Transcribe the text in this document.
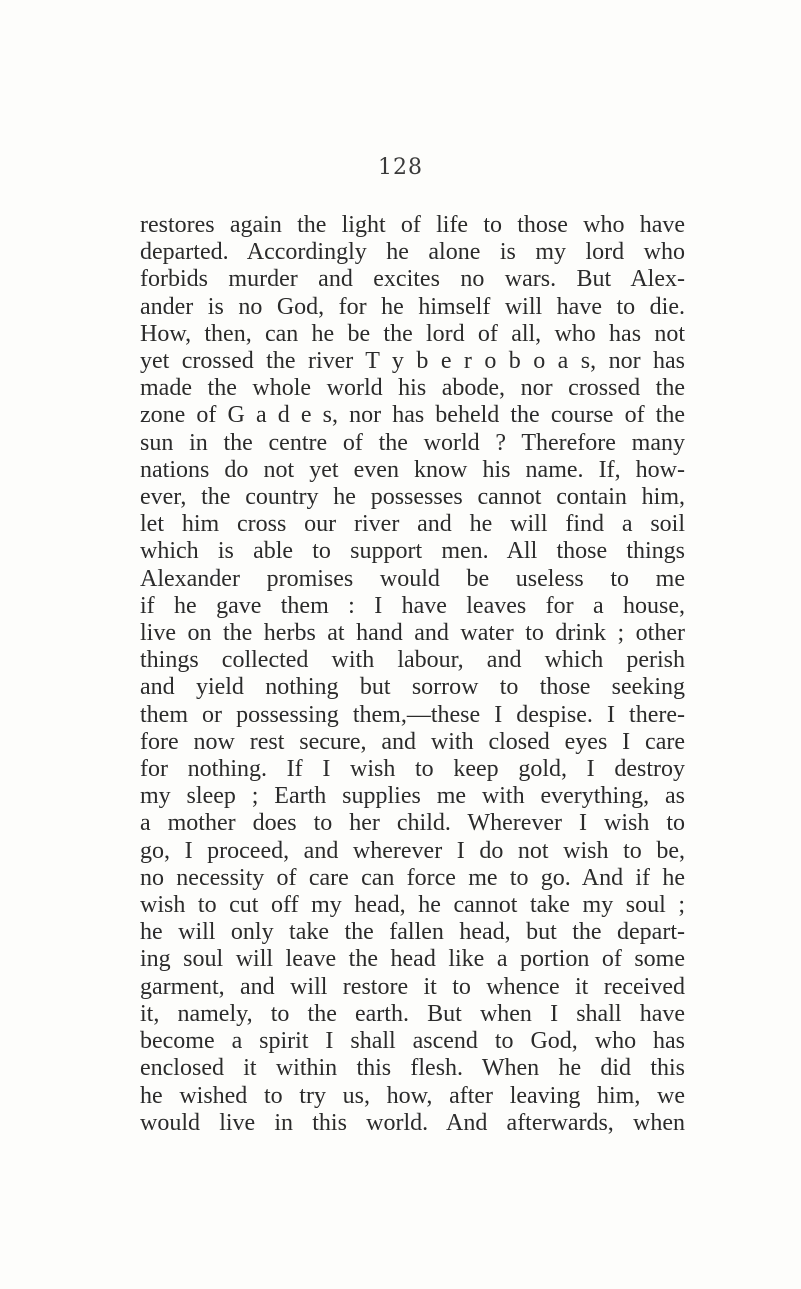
128
restores again the light of life to those who have
departed. Accordingly he alone is my lord who
forbids murder and excites no wars. But Alex-
ander is no God, for he himself will have to die.
How, then, can he be the lord of all, who has not
yet crossed the river T y b e r o b o a s, nor has
made the whole world his abode, nor crossed the
zone of G a d e s, nor has beheld the course of the
sun in the centre of the world ? Therefore many
nations do not yet even know his name. If, how-
ever, the country he possesses cannot contain him,
let him cross our river and he will find a soil
which is able to support men. All those things
Alexander promises would be useless to me
if he gave them : I have leaves for a house,
live on the herbs at hand and water to drink ; other
things collected with labour, and which perish
and yield nothing but sorrow to those seeking
them or possessing them,—these I despise. I there-
fore now rest secure, and with closed eyes I care
for nothing. If I wish to keep gold, I destroy
my sleep ; Earth supplies me with everything, as
a mother does to her child. Wherever I wish to
go, I proceed, and wherever I do not wish to be,
no necessity of care can force me to go. And if he
wish to cut off my head, he cannot take my soul ;
he will only take the fallen head, but the depart-
ing soul will leave the head like a portion of some
garment, and will restore it to whence it received
it, namely, to the earth. But when I shall have
become a spirit I shall ascend to God, who has
enclosed it within this flesh. When he did this
he wished to try us, how, after leaving him, we
would live in this world. And afterwards, when
